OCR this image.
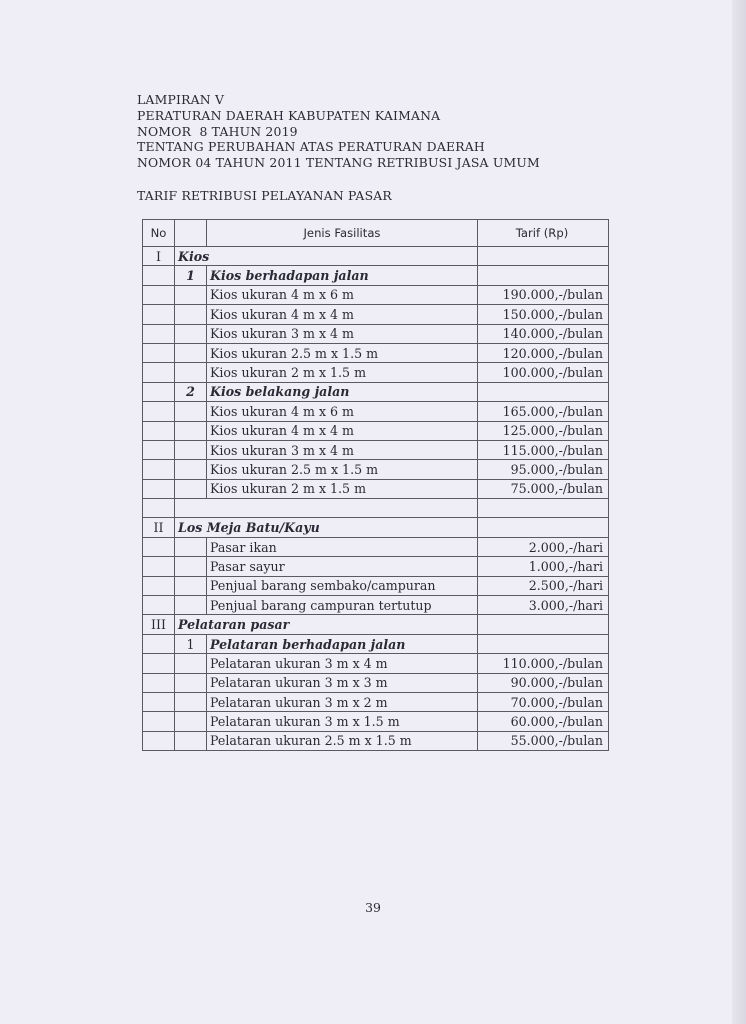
LAMPIRAN V
PERATURAN DAERAH KABUPATEN KAIMANA
NOMOR  8 TAHUN 2019
TENTANG PERUBAHAN ATAS PERATURAN DAERAH
NOMOR 04 TAHUN 2011 TENTANG RETRIBUSI JASA UMUM
TARIF RETRIBUSI PELAYANAN PASAR
No		Jenis Fasilitas	Tarif (Rp)
I	Kios		
	1	Kios berhadapan jalan	
		Kios ukuran 4 m x 6 m	190.000,-/bulan
		Kios ukuran 4 m x 4 m	150.000,-/bulan
		Kios ukuran 3 m x 4 m	140.000,-/bulan
		Kios ukuran 2.5 m x 1.5 m	120.000,-/bulan
		Kios ukuran 2 m x 1.5 m	100.000,-/bulan
	2	Kios belakang jalan	
		Kios ukuran 4 m x 6 m	165.000,-/bulan
		Kios ukuran 4 m x 4 m	125.000,-/bulan
		Kios ukuran 3 m x 4 m	115.000,-/bulan
		Kios ukuran 2.5 m x 1.5 m	95.000,-/bulan
		Kios ukuran 2 m x 1.5 m	75.000,-/bulan

II	Los Meja Batu/Kayu		
		Pasar ikan	2.000,-/hari
		Pasar sayur	1.000,-/hari
		Penjual barang sembako/campuran	2.500,-/hari
		Penjual barang campuran tertutup	3.000,-/hari
III	Pelataran pasar		
	1	Pelataran berhadapan jalan	
		Pelataran ukuran 3 m x 4 m	110.000,-/bulan
		Pelataran ukuran 3 m x 3 m	90.000,-/bulan
		Pelataran ukuran 3 m x 2 m	70.000,-/bulan
		Pelataran ukuran 3 m x 1.5 m	60.000,-/bulan
		Pelataran ukuran 2.5 m x 1.5 m	55.000,-/bulan
39
